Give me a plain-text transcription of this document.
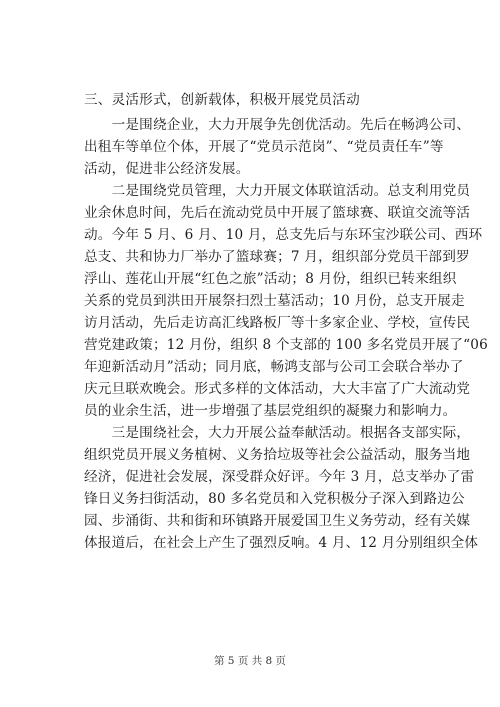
三、灵活形式，创新载体，积极开展党员活动
　　一是围绕企业，大力开展争先创优活动。先后在畅鸿公司、
出租车等单位个体，开展了“党员示范岗”、“党员责任车”等
活动，促进非公经济发展。
　　二是围绕党员管理，大力开展文体联谊活动。总支利用党员
业余休息时间，先后在流动党员中开展了篮球赛、联谊交流等活
动。今年 5 月、6 月、10 月，总支先后与东环宝沙联公司、西环
总支、共和协力厂举办了篮球赛；7 月，组织部分党员干部到罗
浮山、莲花山开展“红色之旅”活动；8 月份，组织已转来组织
关系的党员到洪田开展祭扫烈士墓活动；10 月份，总支开展走
访月活动，先后走访高汇线路板厂等十多家企业、学校，宣传民
营党建政策；12 月份，组织 8 个支部的 100 多名党员开展了“06
年迎新活动月”活动；同月底，畅鸿支部与公司工会联合举办了
庆元旦联欢晚会。形式多样的文体活动，大大丰富了广大流动党
员的业余生活，进一步增强了基层党组织的凝聚力和影响力。
　　三是围绕社会，大力开展公益奉献活动。根据各支部实际，
组织党员开展义务植树、义务拾垃圾等社会公益活动，服务当地
经济，促进社会发展，深受群众好评。今年 3 月，总支举办了雷
锋日义务扫街活动，80 多名党员和入党积极分子深入到路边公
园、步涌街、共和街和环镇路开展爱国卫生义务劳动，经有关媒
体报道后，在社会上产生了强烈反响。4 月、12 月分别组织全体
第 5 页 共 8 页
